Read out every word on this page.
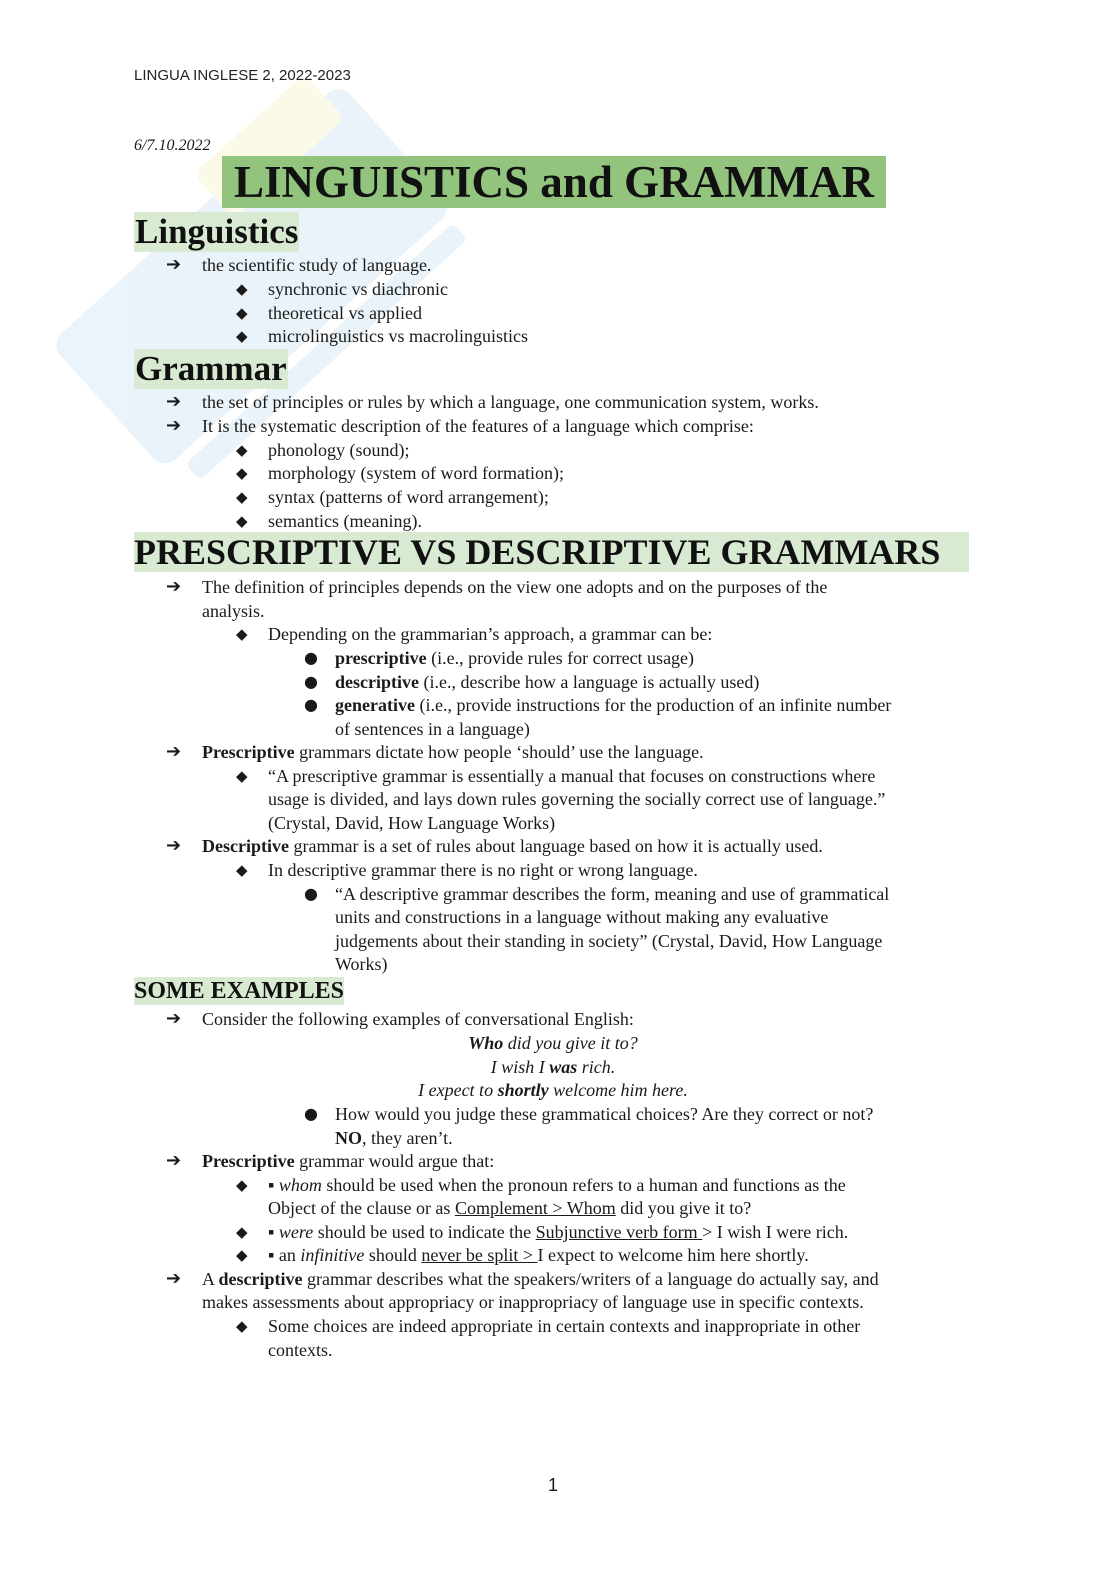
LINGUA INGLESE 2, 2022-2023
6/7.10.2022
LINGUISTICS and GRAMMAR
Linguistics
➔ the scientific study of language.
◆ synchronic vs diachronic
◆ theoretical vs applied
◆ microlinguistics vs macrolinguistics
Grammar
➔ the set of principles or rules by which a language, one communication system, works.
➔ It is the systematic description of the features of a language which comprise:
◆ phonology (sound);
◆ morphology (system of word formation);
◆ syntax (patterns of word arrangement);
◆ semantics (meaning).
PRESCRIPTIVE VS DESCRIPTIVE GRAMMARS
➔ The definition of principles depends on the view one adopts and on the purposes of the
analysis.
◆ Depending on the grammarian’s approach, a grammar can be:
● prescriptive (i.e., provide rules for correct usage)
● descriptive (i.e., describe how a language is actually used)
● generative (i.e., provide instructions for the production of an infinite number
of sentences in a language)
➔ Prescriptive grammars dictate how people ‘should’ use the language.
◆ “A prescriptive grammar is essentially a manual that focuses on constructions where
usage is divided, and lays down rules governing the socially correct use of language.”
(Crystal, David, How Language Works)
➔ Descriptive grammar is a set of rules about language based on how it is actually used.
◆ In descriptive grammar there is no right or wrong language.
● “A descriptive grammar describes the form, meaning and use of grammatical
units and constructions in a language without making any evaluative
judgements about their standing in society” (Crystal, David, How Language
Works)
SOME EXAMPLES
➔ Consider the following examples of conversational English:
Who did you give it to?
I wish I was rich.
I expect to shortly welcome him here.
● How would you judge these grammatical choices? Are they correct or not?
NO, they aren’t.
➔ Prescriptive grammar would argue that:
◆ ▪ whom should be used when the pronoun refers to a human and functions as the
Object of the clause or as Complement > Whom did you give it to?
◆ ▪ were should be used to indicate the Subjunctive verb form > I wish I were rich.
◆ ▪ an infinitive should never be split > I expect to welcome him here shortly.
➔ A descriptive grammar describes what the speakers/writers of a language do actually say, and
makes assessments about appropriacy or inappropriacy of language use in specific contexts.
◆ Some choices are indeed appropriate in certain contexts and inappropriate in other
contexts.
1
